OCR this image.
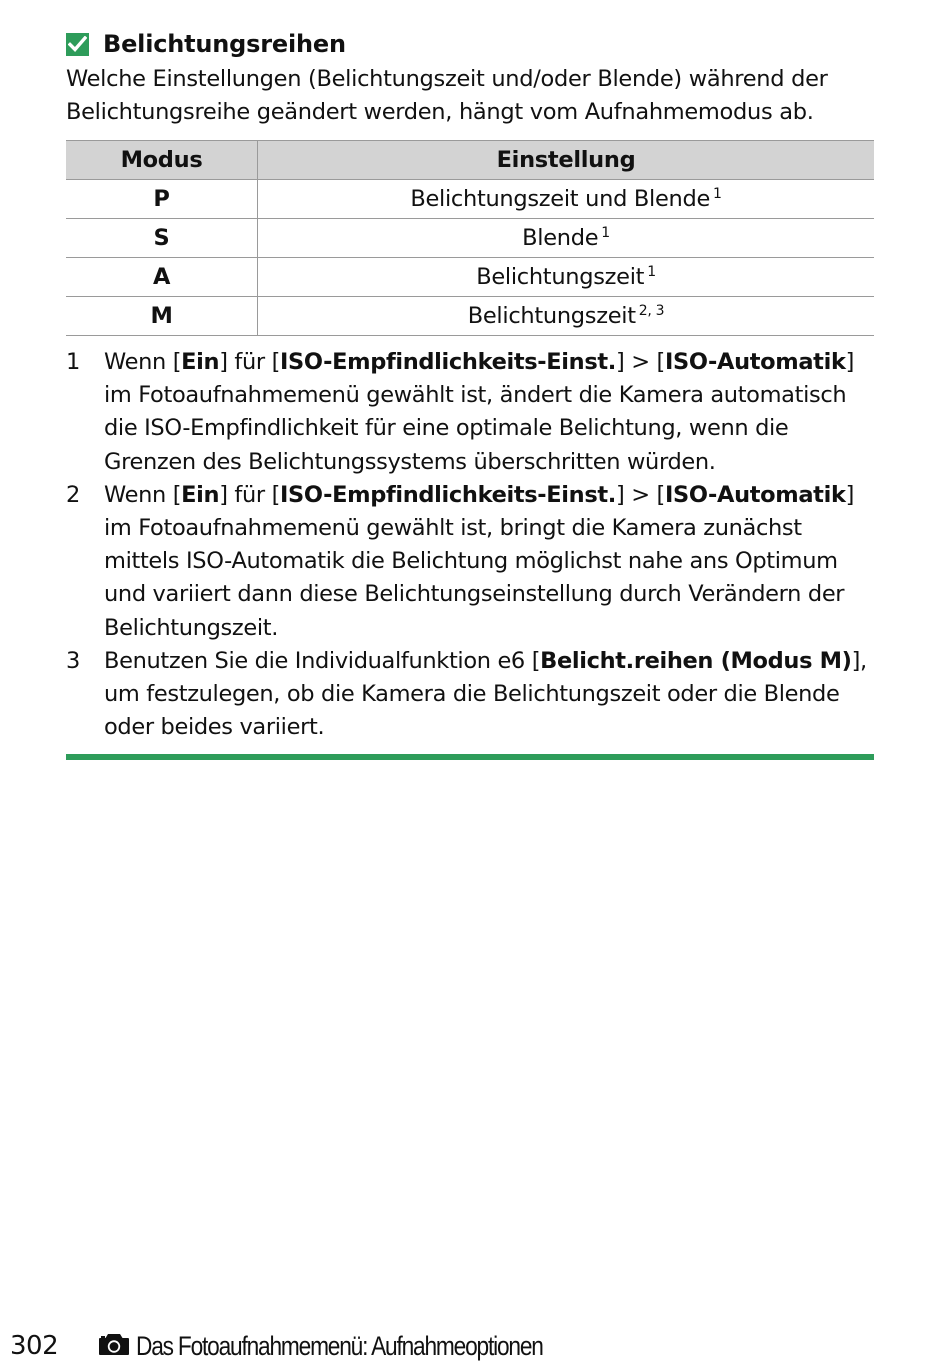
Belichtungsreihen

Welche Einstellungen (Belichtungszeit und/oder Blende) während der Belichtungsreihe geändert werden, hängt vom Aufnahmemodus ab.

Modus	Einstellung
P	Belichtungszeit und Blende $^1$
S	Blende $^1$
A	Belichtungszeit $^1$
M	Belichtungszeit $^{2, 3}$
1	Wenn [Ein] für [ISO-Empfindlichkeits-Einst.] > [ISO-Automatik] im Fotoaufnahmemenü gewählt ist, ändert die Kamera automatisch die ISO-Empfindlichkeit für eine optimale Belichtung, wenn die Grenzen des Belichtungssystems überschritten würden.
2	Wenn [Ein] für [ISO-Empfindlichkeits-Einst.] > [ISO-Automatik] im Fotoaufnahmemenü gewählt ist, bringt die Kamera zunächst mittels ISO-Automatik die Belichtung möglichst nahe ans Optimum und variiert dann diese Belichtungseinstellung durch Verändern der Belichtungszeit.
3	Benutzen Sie die Individualfunktion e6 [Belicht.reihen (Modus M)], um festzulegen, ob die Kamera die Belichtungszeit oder die Blende oder beides variiert.
302	Das Fotoaufnahmemenü: Aufnahmeoptionen
